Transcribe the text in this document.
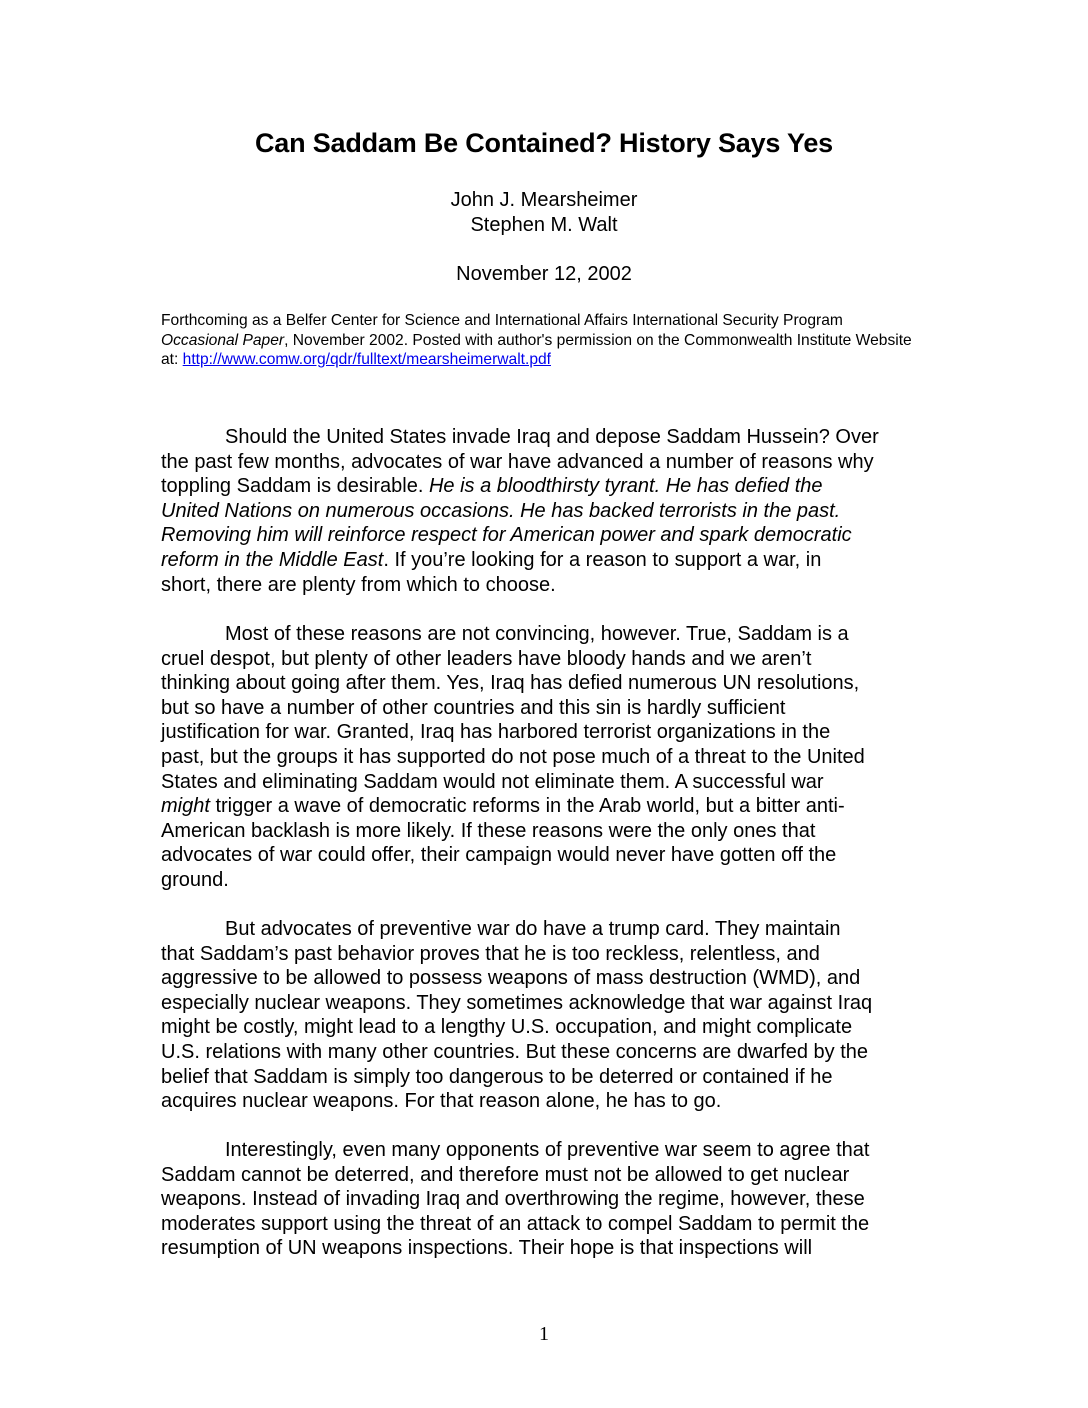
Can Saddam Be Contained? History Says Yes
John J. Mearsheimer
Stephen M. Walt
November 12, 2002
Forthcoming as a Belfer Center for Science and International Affairs International Security Program Occasional Paper, November 2002. Posted with author's permission on the Commonwealth Institute Website at: http://www.comw.org/qdr/fulltext/mearsheimerwalt.pdf
Should the United States invade Iraq and depose Saddam Hussein? Over
the past few months, advocates of war have advanced a number of reasons why
toppling Saddam is desirable. He is a bloodthirsty tyrant. He has defied the
United Nations on numerous occasions. He has backed terrorists in the past.
Removing him will reinforce respect for American power and spark democratic
reform in the Middle East. If you’re looking for a reason to support a war, in
short, there are plenty from which to choose.
Most of these reasons are not convincing, however. True, Saddam is a
cruel despot, but plenty of other leaders have bloody hands and we aren’t
thinking about going after them. Yes, Iraq has defied numerous UN resolutions,
but so have a number of other countries and this sin is hardly sufficient
justification for war. Granted, Iraq has harbored terrorist organizations in the
past, but the groups it has supported do not pose much of a threat to the United
States and eliminating Saddam would not eliminate them. A successful war
might trigger a wave of democratic reforms in the Arab world, but a bitter anti-
American backlash is more likely. If these reasons were the only ones that
advocates of war could offer, their campaign would never have gotten off the
ground.
But advocates of preventive war do have a trump card. They maintain
that Saddam’s past behavior proves that he is too reckless, relentless, and
aggressive to be allowed to possess weapons of mass destruction (WMD), and
especially nuclear weapons. They sometimes acknowledge that war against Iraq
might be costly, might lead to a lengthy U.S. occupation, and might complicate
U.S. relations with many other countries. But these concerns are dwarfed by the
belief that Saddam is simply too dangerous to be deterred or contained if he
acquires nuclear weapons. For that reason alone, he has to go.
Interestingly, even many opponents of preventive war seem to agree that
Saddam cannot be deterred, and therefore must not be allowed to get nuclear
weapons. Instead of invading Iraq and overthrowing the regime, however, these
moderates support using the threat of an attack to compel Saddam to permit the
resumption of UN weapons inspections. Their hope is that inspections will
1
